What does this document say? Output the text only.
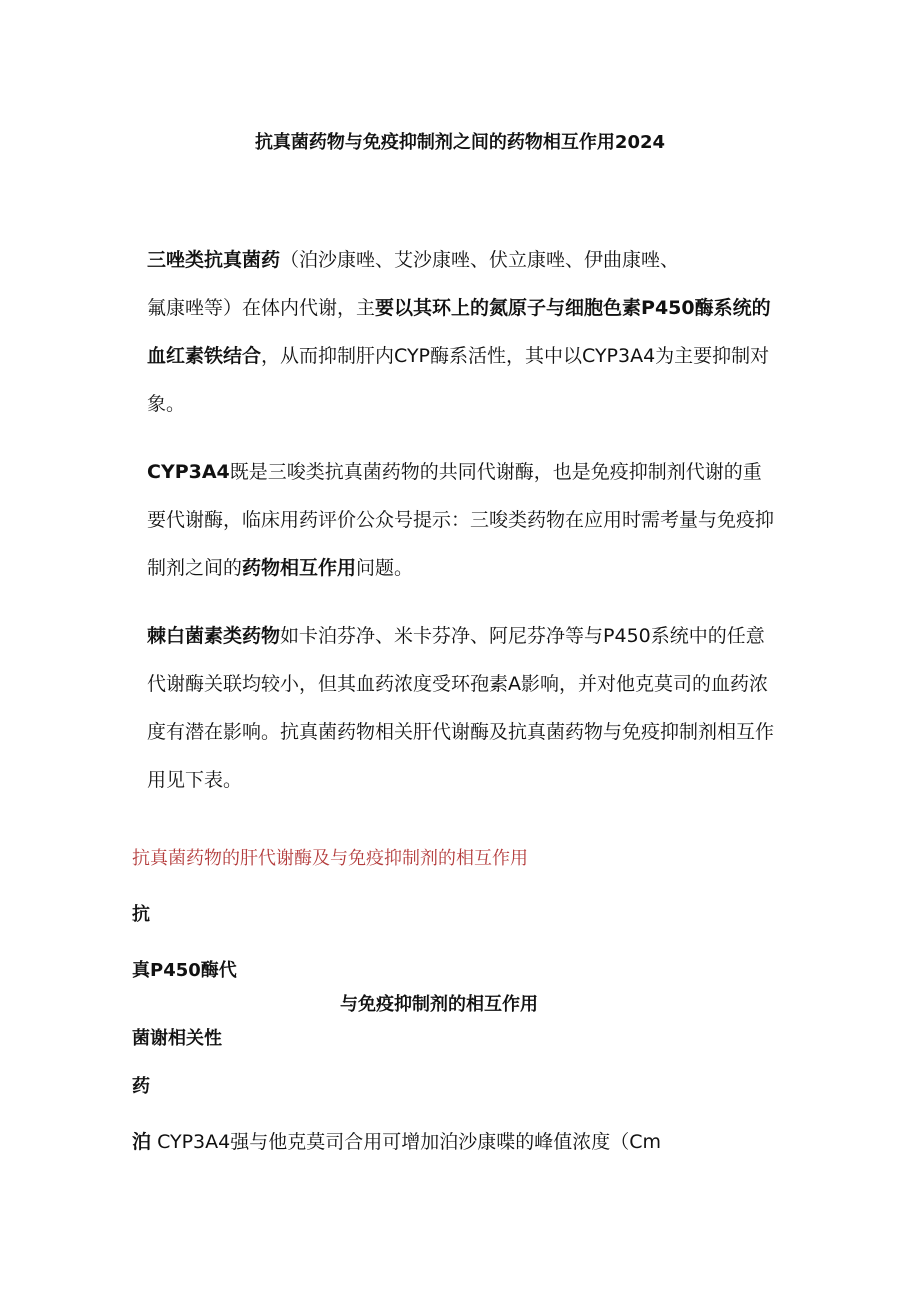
抗真菌药物与免疫抑制剂之间的药物相互作用2024
三唑类抗真菌药（泊沙康唑、艾沙康唑、伏立康唑、伊曲康唑、
氟康唑等）在体内代谢，主要以其环上的氮原子与细胞色素P450酶系统的血红素铁结合，从而抑制肝内CYP酶系活性，其中以CYP3A4为主要抑制对象。
CYP3A4既是三唆类抗真菌药物的共同代谢酶，也是免疫抑制剂代谢的重要代谢酶，临床用药评价公众号提示：三唆类药物在应用时需考量与免疫抑制剂之间的药物相互作用问题。
棘白菌素类药物如卡泊芬净、米卡芬净、阿尼芬净等与P450系统中的任意代谢酶关联均较小，但其血药浓度受环孢素A影响，并对他克莫司的血药浓度有潜在影响。抗真菌药物相关肝代谢酶及抗真菌药物与免疫抑制剂相互作用见下表。
抗真菌药物的肝代谢酶及与免疫抑制剂的相互作用
抗
真P450酶代
与免疫抑制剂的相互作用
菌谢相关性
药
泊 CYP3A4强与他克莫司合用可增加泊沙康喋的峰值浓度（Cm
